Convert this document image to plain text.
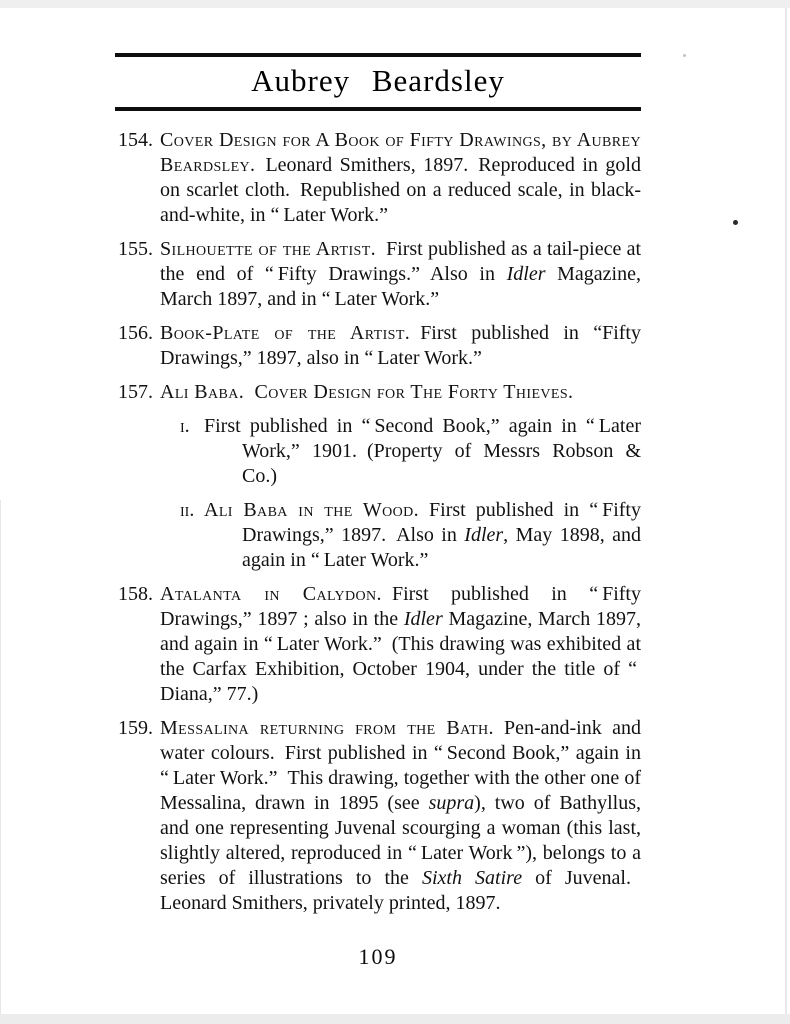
Aubrey Beardsley
154. Cover Design for A Book of Fifty Drawings, by Aubrey Beardsley. Leonard Smithers, 1897. Reproduced in gold on scarlet cloth. Republished on a reduced scale, in black-and-white, in “ Later Work.”
155. Silhouette of the Artist. First published as a tail-piece at the end of “ Fifty Drawings.” Also in Idler Magazine, March 1897, and in “ Later Work.”
156. Book-Plate of the Artist. First published in “Fifty Drawings,” 1897, also in “ Later Work.”
157. Ali Baba. Cover Design for The Forty Thieves.
i. First published in “ Second Book,” again in “ Later Work,” 1901. (Property of Messrs Robson & Co.)
ii. Ali Baba in the Wood. First published in “ Fifty Drawings,” 1897. Also in Idler, May 1898, and again in “ Later Work.”
158. Atalanta in Calydon. First published in “ Fifty Drawings,” 1897 ; also in the Idler Magazine, March 1897, and again in “ Later Work.” (This drawing was exhibited at the Carfax Exhibition, October 1904, under the title of “ Diana,” 77.)
159. Messalina returning from the Bath. Pen-and-ink and water colours. First published in “ Second Book,” again in “ Later Work.” This drawing, together with the other one of Messalina, drawn in 1895 (see supra), two of Bathyllus, and one representing Juvenal scourging a woman (this last, slightly altered, reproduced in “ Later Work ”), belongs to a series of illustrations to the Sixth Satire of Juvenal. Leonard Smithers, privately printed, 1897.
109
